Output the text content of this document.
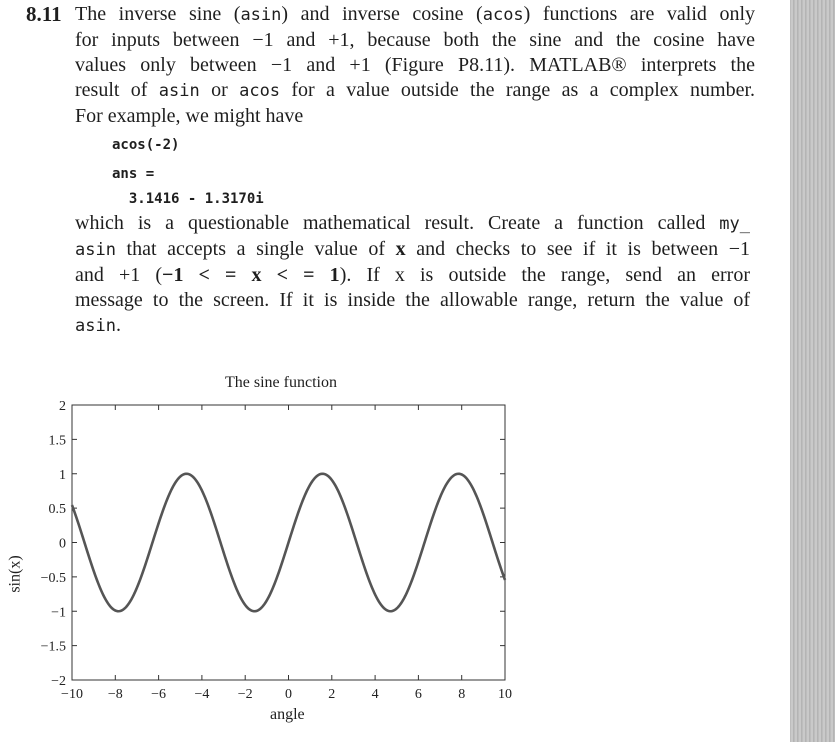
8.11 The inverse sine (asin) and inverse cosine (acos) functions are valid only
for inputs between −1 and +1, because both the sine and the cosine have
values only between −1 and +1 (Figure P8.11). MATLAB® interprets the
result of asin or acos for a value outside the range as a complex number.
For example, we might have
acos(-2)
ans =
3.1416 - 1.3170i
which is a questionable mathematical result. Create a function called my_
asin that accepts a single value of x and checks to see if it is between −1
and +1 (−1 < = x < = 1). If x is outside the range, send an error
message to the screen. If it is inside the allowable range, return the value of
asin.
The sine function
sin(x)
angle
−10 −8 −6 −4 −2 0	2	4	6	8 10
2
1.5
1
0.5
0
−0.5
−1
−1.5
−2
